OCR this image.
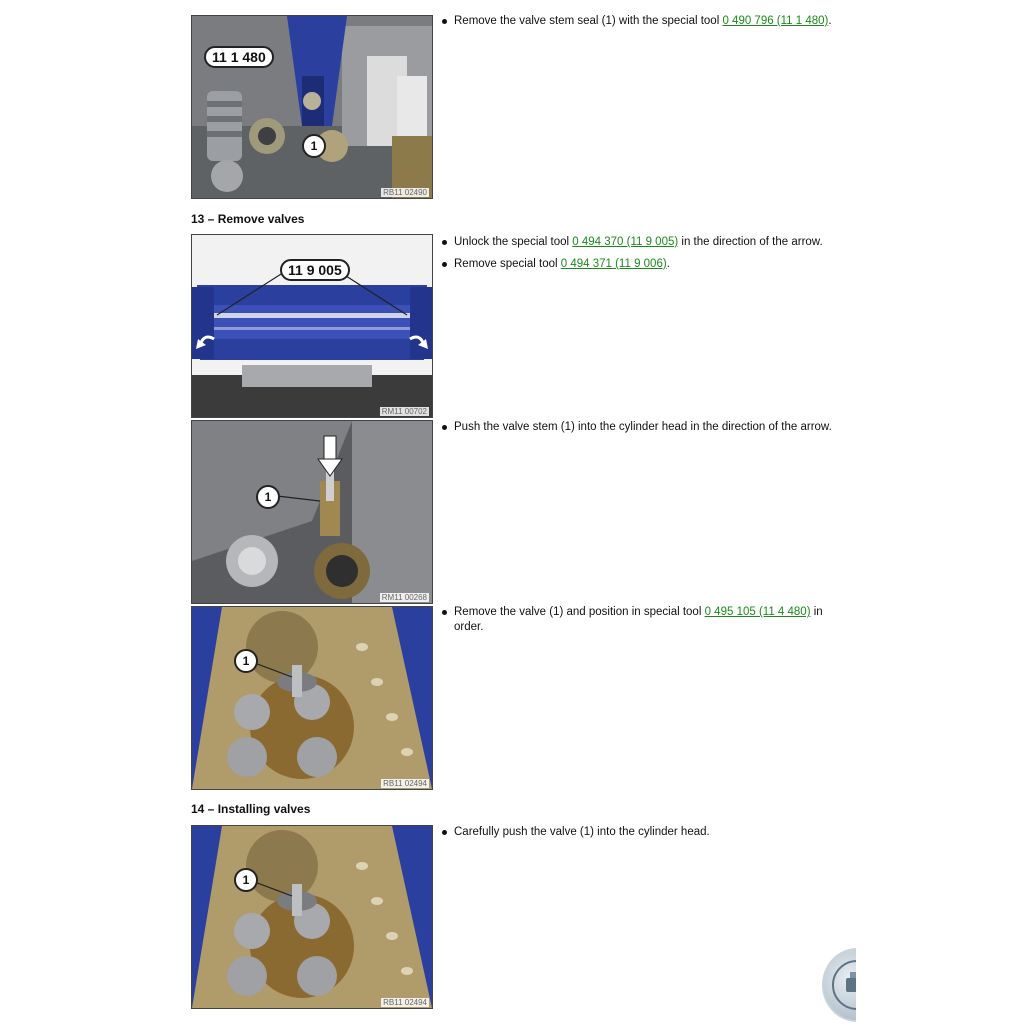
11 1 480
1
RB11 02490
Remove the valve stem seal (1) with the special tool 0 490 796 (11 1 480).
13 – Remove valves
11 9 005
RM11 00702
Unlock the special tool 0 494 370 (11 9 005) in the direction of the arrow.
Remove special tool 0 494 371 (11 9 006).
1
RM11 00268
Push the valve stem (1) into the cylinder head in the direction of the arrow.
1
RB11 02494
Remove the valve (1) and position in special tool 0 495 105 (11 4 480) in order.
14 – Installing valves
1
RB11 02494
Carefully push the valve (1) into the cylinder head.
